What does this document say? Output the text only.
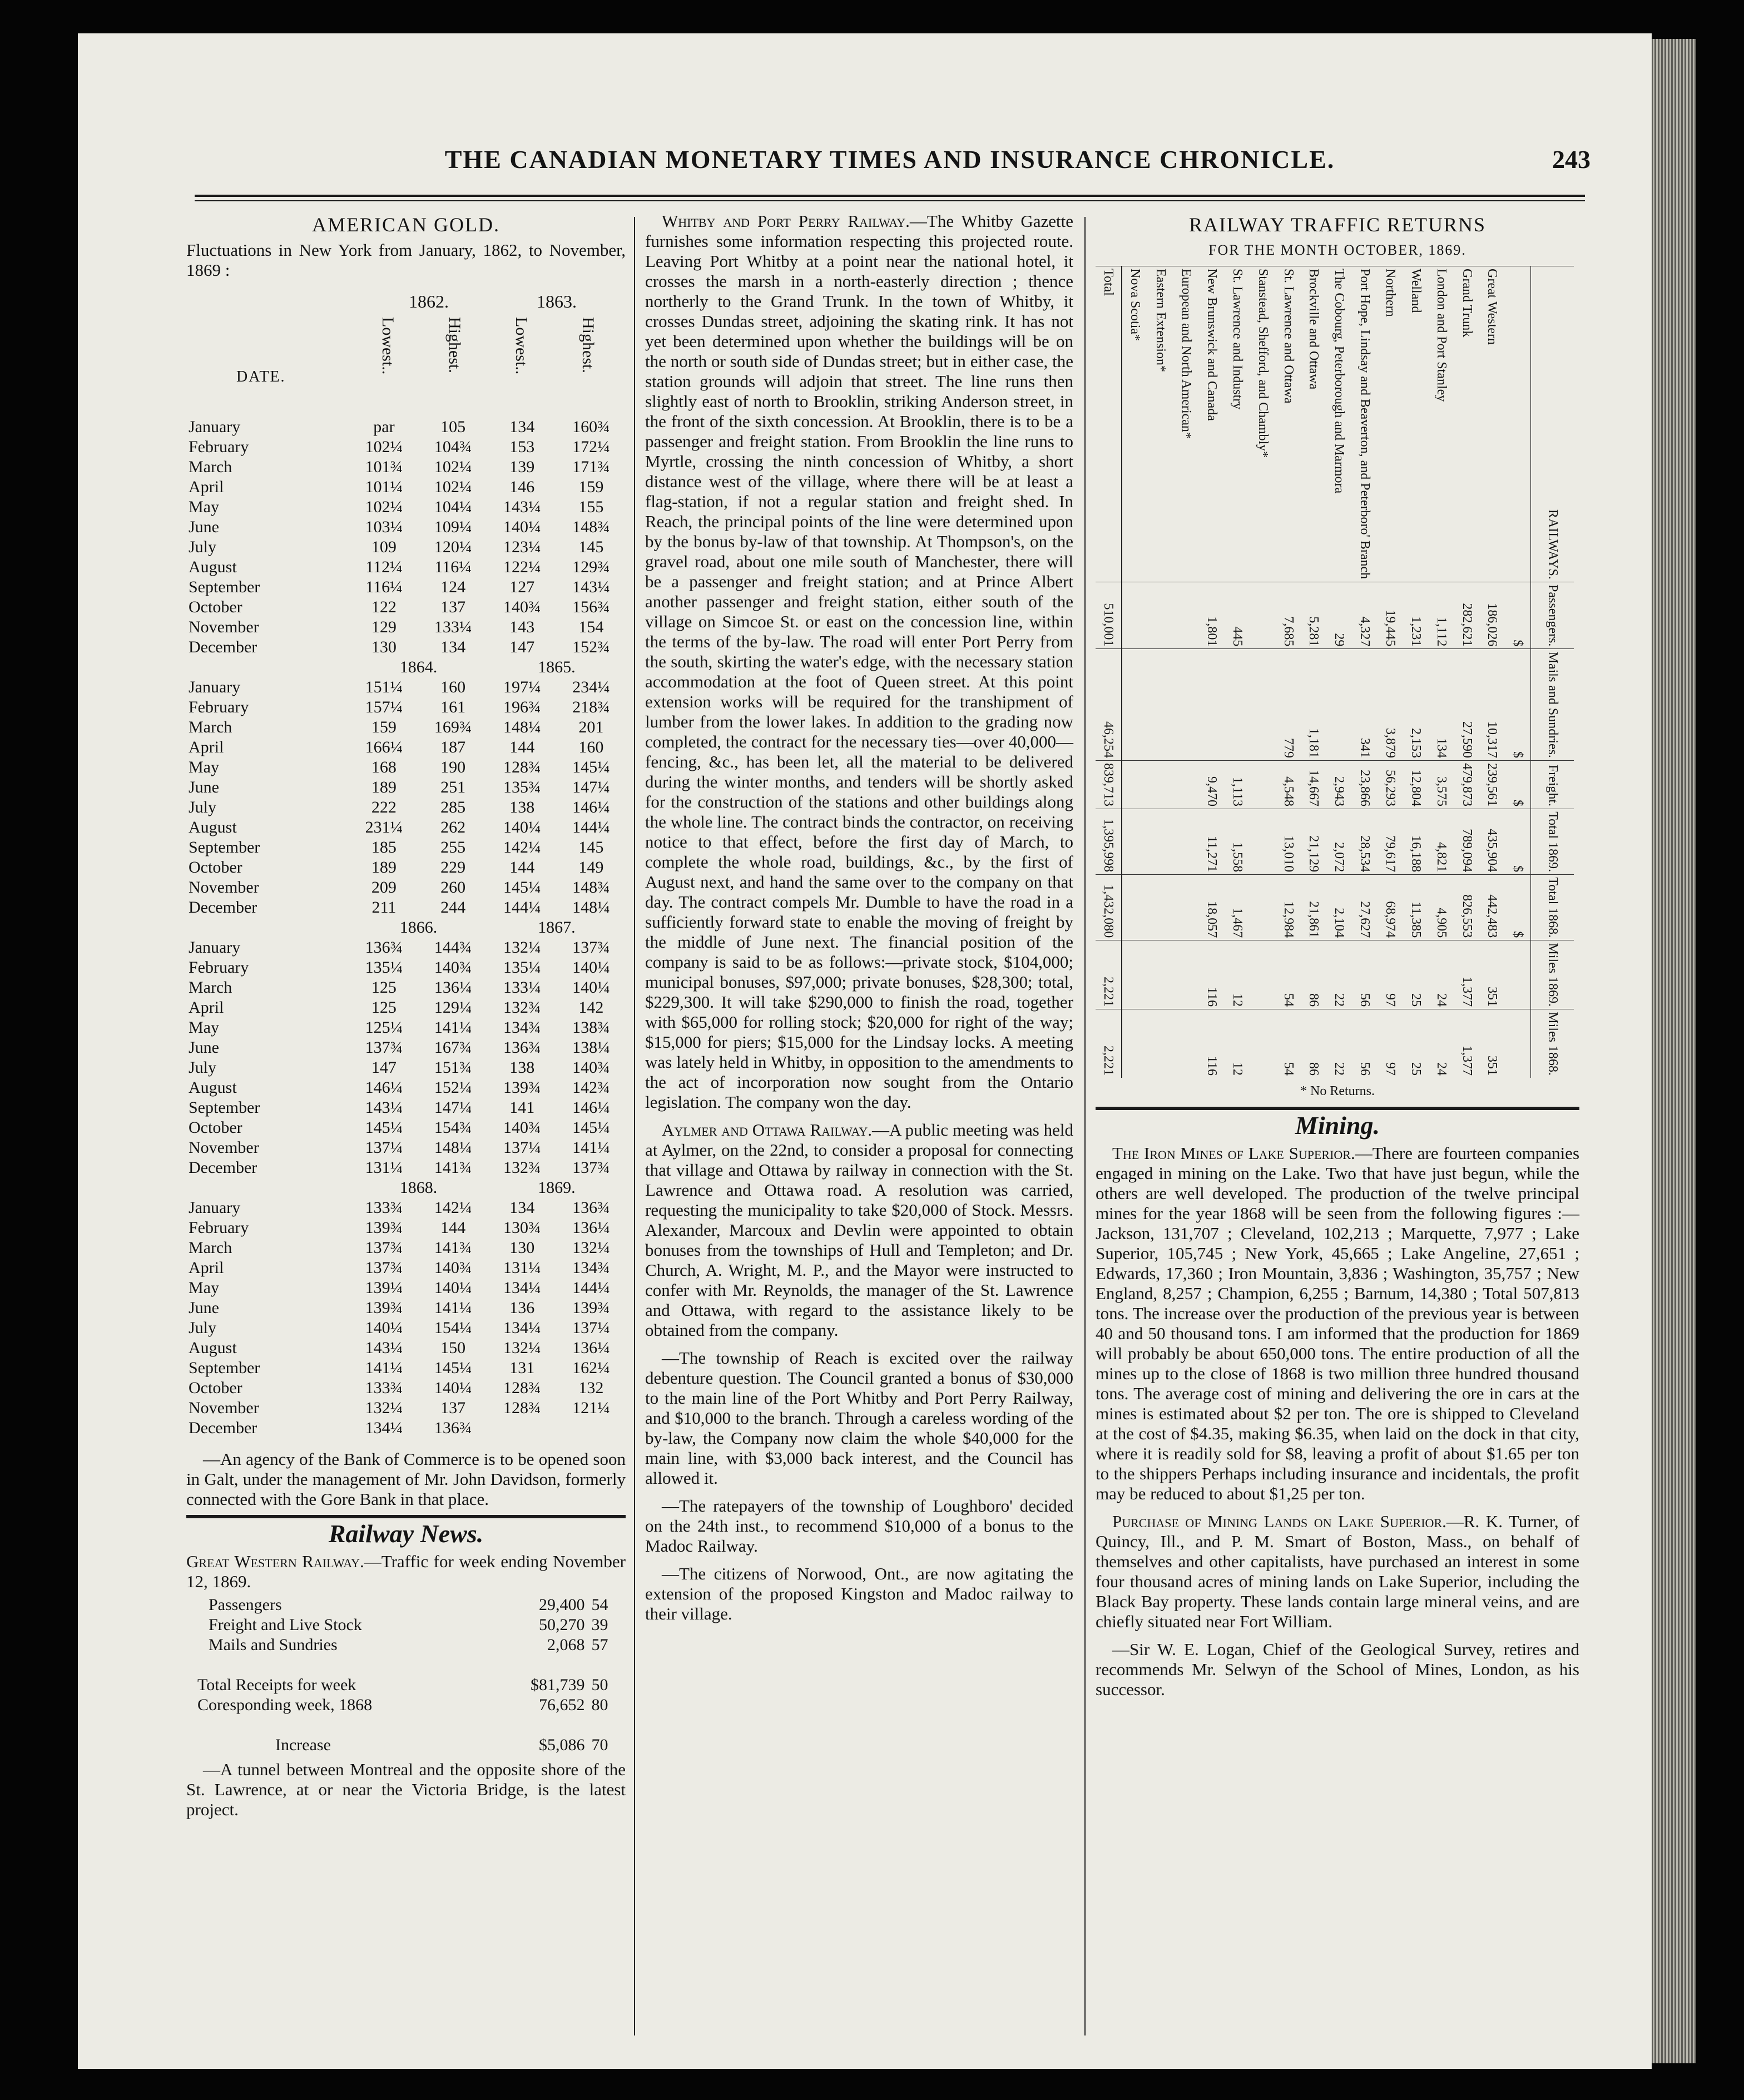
THE CANADIAN MONETARY TIMES AND INSURANCE CHRONICLE.	243
AMERICAN GOLD.

Fluctuations in New York from January, 1862, to November, 1869 :

1862.	1863.
DATE.
Lowest..	Highest.	Lowest..	Highest.
January	par	105	134	160¾
February	102¼	104¾	153	172¼
March	101¾	102¼	139	171¾
April	101¼	102¼	146	159
May	102¼	104¼	143¼	155
June	103¼	109¼	140¼	148¾
July	109	120¼	123¼	145
August	112¼	116¼	122¼	129¾
September	116¼	124	127	143¼
October	122	137	140¾	156¾
November	129	133¼	143	154
December	130	134	147	152¾
	1864.		1865.	
January	151¼	160	197¼	234¼
February	157¼	161	196¾	218¾
March	159	169¾	148¼	201
April	166¼	187	144	160
May	168	190	128¾	145¼
June	189	251	135¾	147¼
July	222	285	138	146¼
August	231¼	262	140¼	144¼
September	185	255	142¼	145
October	189	229	144	149
November	209	260	145¼	148¾
December	211	244	144¼	148¼
	1866.		1867.	
January	136¾	144¾	132¼	137¾
February	135¼	140¾	135¼	140¼
March	125	136¼	133¼	140¼
April	125	129¼	132¾	142
May	125¼	141¼	134¾	138¾
June	137¾	167¾	136¾	138¼
July	147	151¾	138	140¾
August	146¼	152¼	139¾	142¾
September	143¼	147¼	141	146¼
October	145¼	154¾	140¾	145¼
November	137¼	148¼	137¼	141¼
December	131¼	141¾	132¾	137¾
	1868.		1869.	
January	133¾	142¼	134	136¾
February	139¾	144	130¾	136¼
March	137¾	141¾	130	132¼
April	137¾	140¾	131¼	134¾
May	139¼	140¼	134¼	144¼
June	139¾	141¼	136	139¾
July	140¼	154¼	134¼	137¼
August	143¼	150	132¼	136¼
September	141¼	145¼	131	162¼
October	133¾	140¼	128¾	132
November	132¼	137	128¾	121¼
December	134¼	136¾		

—An agency of the Bank of Commerce is to be opened soon in Galt, under the management of Mr. John Davidson, formerly connected with the Gore Bank in that place.

Railway News.

Great Western Railway.—Traffic for week ending November 12, 1869.

Passengers	29,400	54
Freight and Live Stock	50,270	39
Mails and Sundries	2,068	57

Total Receipts for week	$81,739	50
Coresponding week, 1868	76,652	80

Increase	$5,086	70

—A tunnel between Montreal and the opposite shore of the St. Lawrence, at or near the Victoria Bridge, is the latest project.

Whitby and Port Perry Railway.—The Whitby Gazette furnishes some information respecting this projected route. Leaving Port Whitby at a point near the national hotel, it crosses the marsh in a north-easterly direction ; thence northerly to the Grand Trunk. In the town of Whitby, it crosses Dundas street, adjoining the skating rink. It has not yet been determined upon whether the buildings will be on the north or south side of Dundas street; but in either case, the station grounds will adjoin that street. The line runs then slightly east of north to Brooklin, striking Anderson street, in the front of the sixth concession. At Brooklin, there is to be a passenger and freight station. From Brooklin the line runs to Myrtle, crossing the ninth concession of Whitby, a short distance west of the village, where there will be at least a flag-station, if not a regular station and freight shed. In Reach, the principal points of the line were determined upon by the bonus by-law of that township. At Thompson's, on the gravel road, about one mile south of Manchester, there will be a passenger and freight station; and at Prince Albert another passenger and freight station, either south of the village on Simcoe St. or east on the concession line, within the terms of the by-law. The road will enter Port Perry from the south, skirting the water's edge, with the necessary station accommodation at the foot of Queen street. At this point extension works will be required for the transhipment of lumber from the lower lakes. In addition to the grading now completed, the contract for the necessary ties—over 40,000—fencing, &c., has been let, all the material to be delivered during the winter months, and tenders will be shortly asked for the construction of the stations and other buildings along the whole line. The contract binds the contractor, on receiving notice to that effect, before the first day of March, to complete the whole road, buildings, &c., by the first of August next, and hand the same over to the company on that day. The contract compels Mr. Dumble to have the road in a sufficiently forward state to enable the moving of freight by the middle of June next. The financial position of the company is said to be as follows:—private stock, $104,000; municipal bonuses, $97,000; private bonuses, $28,300; total, $229,300. It will take $290,000 to finish the road, together with $65,000 for rolling stock; $20,000 for right of the way; $15,000 for piers; $15,000 for the Lindsay locks. A meeting was lately held in Whitby, in opposition to the amendments to the act of incorporation now sought from the Ontario legislation. The company won the day.

Aylmer and Ottawa Railway.—A public meeting was held at Aylmer, on the 22nd, to consider a proposal for connecting that village and Ottawa by railway in connection with the St. Lawrence and Ottawa road. A resolution was carried, requesting the municipality to take $20,000 of Stock. Messrs. Alexander, Marcoux and Devlin were appointed to obtain bonuses from the townships of Hull and Templeton; and Dr. Church, A. Wright, M. P., and the Mayor were instructed to confer with Mr. Reynolds, the manager of the St. Lawrence and Ottawa, with regard to the assistance likely to be obtained from the company.

—The township of Reach is excited over the railway debenture question. The Council granted a bonus of $30,000 to the main line of the Port Whitby and Port Perry Railway, and $10,000 to the branch. Through a careless wording of the by-law, the Company now claim the whole $40,000 for the main line, with $3,000 back interest, and the Council has allowed it.

—The ratepayers of the township of Loughboro' decided on the 24th inst., to recommend $10,000 of a bonus to the Madoc Railway.

—The citizens of Norwood, Ont., are now agitating the extension of the proposed Kingston and Madoc railway to their village.

RAILWAY TRAFFIC RETURNS
FOR THE MONTH OCTOBER, 1869.
RAILWAYS.	Passengers.	Mails and Sundries.	Freight.	Total 1869.	Total 1868.	Miles 1869.	Miles 1868.
	$	$	$	$	$		
Great Western	186,026	10,317	239,561	435,904	442,483	351	351
Grand Trunk	282,621	27,590	479,873	789,094	826,553	1,377	1,377
London and Port Stanley	1,112	134	3,575	4,821	4,905	24	24
Welland	1,231	2,153	12,804	16,188	11,385	25	25
Northern	19,445	3,879	56,293	79,617	68,974	97	97
Port Hope, Lindsay and Beaverton, and Peterboro' Branch	4,327	341	23,866	28,534	27,627	56	56
The Cobourg, Peterborough and Marmora	29		2,943	2,072	2,104	22	22
Brockville and Ottawa	5,281	1,181	14,667	21,129	21,861	86	86
St. Lawrence and Ottawa	7,685	779	4,548	13,010	12,984	54	54
Stanstead, Shefford, and Chambly*							
St. Lawrence and Industry	445		1,113	1,558	1,467	12	12
New Brunswick and Canada	1,801		9,470	11,271	18,057	116	116
European and North American*							
Eastern Extension*							
Nova Scotia*							
Total	510,001	46,254	839,713	1,395,998	1,432,080	2,221	2,221
* No Returns.
Mining.

The Iron Mines of Lake Superior.—There are fourteen companies engaged in mining on the Lake. Two that have just begun, while the others are well developed. The production of the twelve principal mines for the year 1868 will be seen from the following figures :—Jackson, 131,707 ; Cleveland, 102,213 ; Marquette, 7,977 ; Lake Superior, 105,745 ; New York, 45,665 ; Lake Angeline, 27,651 ; Edwards, 17,360 ; Iron Mountain, 3,836 ; Washington, 35,757 ; New England, 8,257 ; Champion, 6,255 ; Barnum, 14,380 ; Total 507,813 tons. The increase over the production of the previous year is between 40 and 50 thousand tons. I am informed that the production for 1869 will probably be about 650,000 tons. The entire production of all the mines up to the close of 1868 is two million three hundred thousand tons. The average cost of mining and delivering the ore in cars at the mines is estimated about $2 per ton. The ore is shipped to Cleveland at the cost of $4.35, making $6.35, when laid on the dock in that city, where it is readily sold for $8, leaving a profit of about $1.65 per ton to the shippers Perhaps including insurance and incidentals, the profit may be reduced to about $1,25 per ton.

Purchase of Mining Lands on Lake Superior.—R. K. Turner, of Quincy, Ill., and P. M. Smart of Boston, Mass., on behalf of themselves and other capitalists, have purchased an interest in some four thousand acres of mining lands on Lake Superior, including the Black Bay property. These lands contain large mineral veins, and are chiefly situated near Fort William.

—Sir W. E. Logan, Chief of the Geological Survey, retires and recommends Mr. Selwyn of the School of Mines, London, as his successor.
